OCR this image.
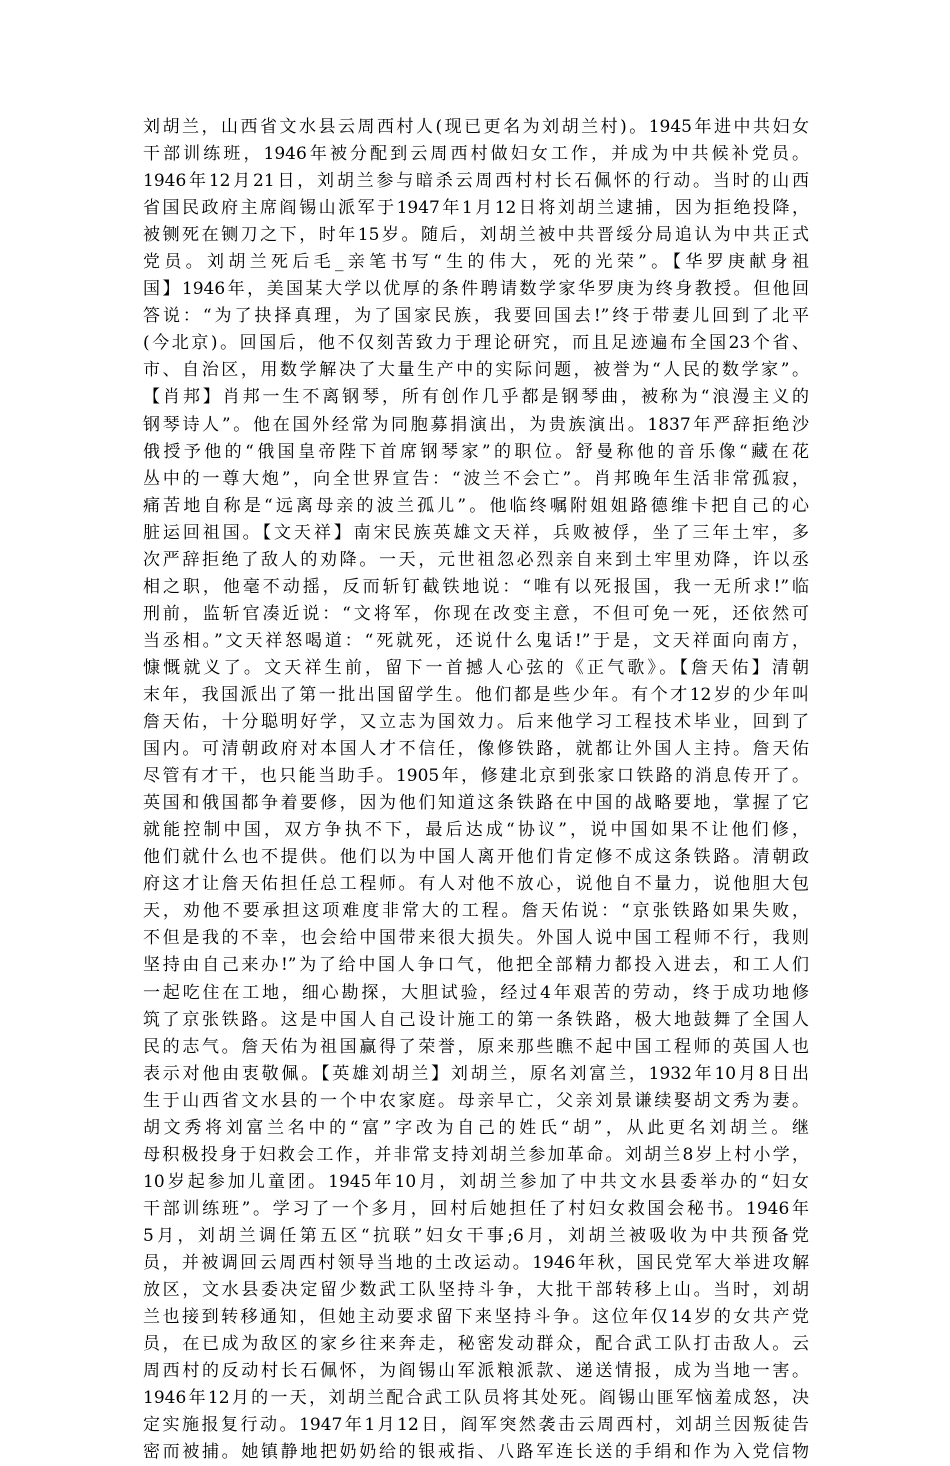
刘胡兰，山西省文水县云周西村人(现已更名为刘胡兰村)。1945年进中共妇女
干部训练班，1946年被分配到云周西村做妇女工作，并成为中共候补党员。
1946年12月21日，刘胡兰参与暗杀云周西村村长石佩怀的行动。当时的山西
省国民政府主席阎锡山派军于1947年1月12日将刘胡兰逮捕，因为拒绝投降，
被铡死在铡刀之下，时年15岁。随后，刘胡兰被中共晋绥分局追认为中共正式
党员。刘胡兰死后毛_亲笔书写“生的伟大，死的光荣”。【华罗庚献身祖
国】1946年，美国某大学以优厚的条件聘请数学家华罗庚为终身教授。但他回
答说：“为了抉择真理，为了国家民族，我要回国去!”终于带妻儿回到了北平
(今北京)。回国后，他不仅刻苦致力于理论研究，而且足迹遍布全国23个省、
市、自治区，用数学解决了大量生产中的实际问题，被誉为“人民的数学家”。
【肖邦】肖邦一生不离钢琴，所有创作几乎都是钢琴曲，被称为“浪漫主义的
钢琴诗人”。他在国外经常为同胞募捐演出，为贵族演出。1837年严辞拒绝沙
俄授予他的“俄国皇帝陛下首席钢琴家”的职位。舒曼称他的音乐像“藏在花
丛中的一尊大炮”，向全世界宣告：“波兰不会亡”。肖邦晚年生活非常孤寂，
痛苦地自称是“远离母亲的波兰孤儿”。他临终嘱附姐姐路德维卡把自己的心
脏运回祖国。【文天祥】南宋民族英雄文天祥，兵败被俘，坐了三年土牢，多
次严辞拒绝了敌人的劝降。一天，元世祖忽必烈亲自来到土牢里劝降，许以丞
相之职，他毫不动摇，反而斩钉截铁地说：“唯有以死报国，我一无所求!”临
刑前，监斩官凑近说：“文将军，你现在改变主意，不但可免一死，还依然可
当丞相。”文天祥怒喝道：“死就死，还说什么鬼话!”于是，文天祥面向南方，
慷慨就义了。文天祥生前，留下一首撼人心弦的《正气歌》。【詹天佑】清朝
末年，我国派出了第一批出国留学生。他们都是些少年。有个才12岁的少年叫
詹天佑，十分聪明好学，又立志为国效力。后来他学习工程技术毕业，回到了
国内。可清朝政府对本国人才不信任，像修铁路，就都让外国人主持。詹天佑
尽管有才干，也只能当助手。1905年，修建北京到张家口铁路的消息传开了。
英国和俄国都争着要修，因为他们知道这条铁路在中国的战略要地，掌握了它
就能控制中国，双方争执不下，最后达成“协议”，说中国如果不让他们修，
他们就什么也不提供。他们以为中国人离开他们肯定修不成这条铁路。清朝政
府这才让詹天佑担任总工程师。有人对他不放心，说他自不量力，说他胆大包
天，劝他不要承担这项难度非常大的工程。詹天佑说：“京张铁路如果失败，
不但是我的不幸，也会给中国带来很大损失。外国人说中国工程师不行，我则
坚持由自己来办!”为了给中国人争口气，他把全部精力都投入进去，和工人们
一起吃住在工地，细心勘探，大胆试验，经过4年艰苦的劳动，终于成功地修
筑了京张铁路。这是中国人自己设计施工的第一条铁路，极大地鼓舞了全国人
民的志气。詹天佑为祖国赢得了荣誉，原来那些瞧不起中国工程师的英国人也
表示对他由衷敬佩。【英雄刘胡兰】刘胡兰，原名刘富兰，1932年10月8日出
生于山西省文水县的一个中农家庭。母亲早亡，父亲刘景谦续娶胡文秀为妻。
胡文秀将刘富兰名中的“富”字改为自己的姓氏“胡”，从此更名刘胡兰。继
母积极投身于妇救会工作，并非常支持刘胡兰参加革命。刘胡兰8岁上村小学，
10岁起参加儿童团。1945年10月，刘胡兰参加了中共文水县委举办的“妇女
干部训练班”。学习了一个多月，回村后她担任了村妇女救国会秘书。1946年
5月，刘胡兰调任第五区“抗联”妇女干事;6月，刘胡兰被吸收为中共预备党
员，并被调回云周西村领导当地的土改运动。1946年秋，国民党军大举进攻解
放区，文水县委决定留少数武工队坚持斗争，大批干部转移上山。当时，刘胡
兰也接到转移通知，但她主动要求留下来坚持斗争。这位年仅14岁的女共产党
员，在已成为敌区的家乡往来奔走，秘密发动群众，配合武工队打击敌人。云
周西村的反动村长石佩怀，为阎锡山军派粮派款、递送情报，成为当地一害。
1946年12月的一天，刘胡兰配合武工队员将其处死。阎锡山匪军恼羞成怒，决
定实施报复行动。1947年1月12日，阎军突然袭击云周西村，刘胡兰因叛徒告
密而被捕。她镇静地把奶奶给的银戒指、八路军连长送的手绢和作为入党信物
